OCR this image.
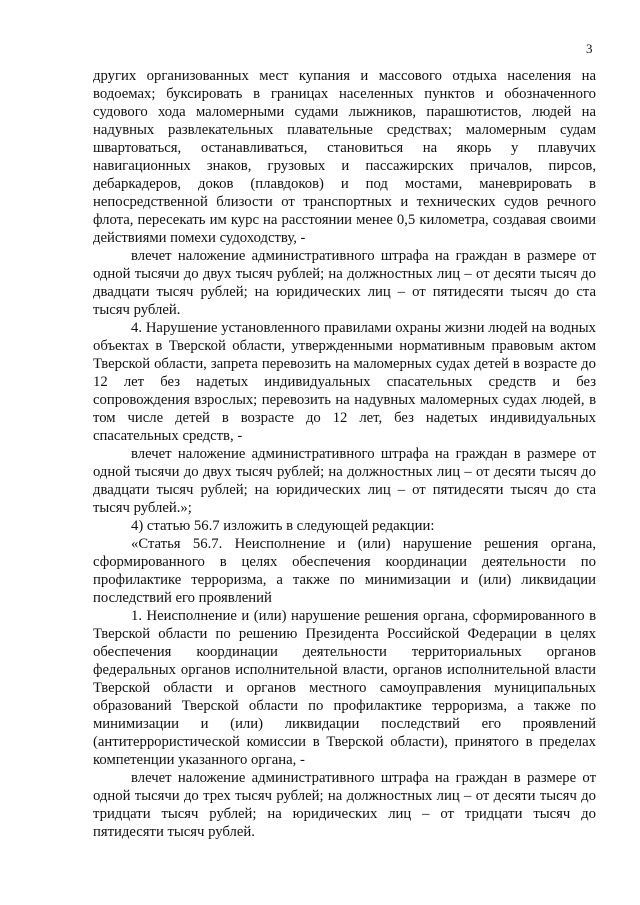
3

других организованных мест купания и массового отдыха населения на водоемах; буксировать в границах населенных пунктов и обозначенного судового хода маломерными судами лыжников, парашютистов, людей на надувных развлекательных плавательные средствах; маломерным судам швартоваться, останавливаться, становиться на якорь у плавучих навигационных знаков, грузовых и пассажирских причалов, пирсов, дебаркадеров, доков (плавдоков) и под мостами, маневрировать в непосредственной близости от транспортных и технических судов речного флота, пересекать им курс на расстоянии менее 0,5 километра, создавая своими действиями помехи судоходству, -

влечет наложение административного штрафа на граждан в размере от одной тысячи до двух тысяч рублей; на должностных лиц – от десяти тысяч до двадцати тысяч рублей; на юридических лиц – от пятидесяти тысяч до ста тысяч рублей.

4. Нарушение установленного правилами охраны жизни людей на водных объектах в Тверской области, утвержденными нормативным правовым актом Тверской области, запрета перевозить на маломерных судах детей в возрасте до 12 лет без надетых индивидуальных спасательных средств и без сопровождения взрослых; перевозить на надувных маломерных судах людей, в том числе детей в возрасте до 12 лет, без надетых индивидуальных спасательных средств, -

влечет наложение административного штрафа на граждан в размере от одной тысячи до двух тысяч рублей; на должностных лиц – от десяти тысяч до двадцати тысяч рублей; на юридических лиц – от пятидесяти тысяч до ста тысяч рублей.»;

4) статью 56.7 изложить в следующей редакции:

«Статья 56.7. Неисполнение и (или) нарушение решения органа, сформированного в целях обеспечения координации деятельности по профилактике терроризма, а также по минимизации и (или) ликвидации последствий его проявлений

1. Неисполнение и (или) нарушение решения органа, сформированного в Тверской области по решению Президента Российской Федерации в целях обеспечения координации деятельности территориальных органов федеральных органов исполнительной власти, органов исполнительной власти Тверской области и органов местного самоуправления муниципальных образований Тверской области по профилактике терроризма, а также по минимизации и (или) ликвидации последствий его проявлений (антитеррористической комиссии в Тверской области), принятого в пределах компетенции указанного органа, -

влечет наложение административного штрафа на граждан в размере от одной тысячи до трех тысяч рублей; на должностных лиц – от десяти тысяч до тридцати тысяч рублей; на юридических лиц – от тридцати тысяч до пятидесяти тысяч рублей.
